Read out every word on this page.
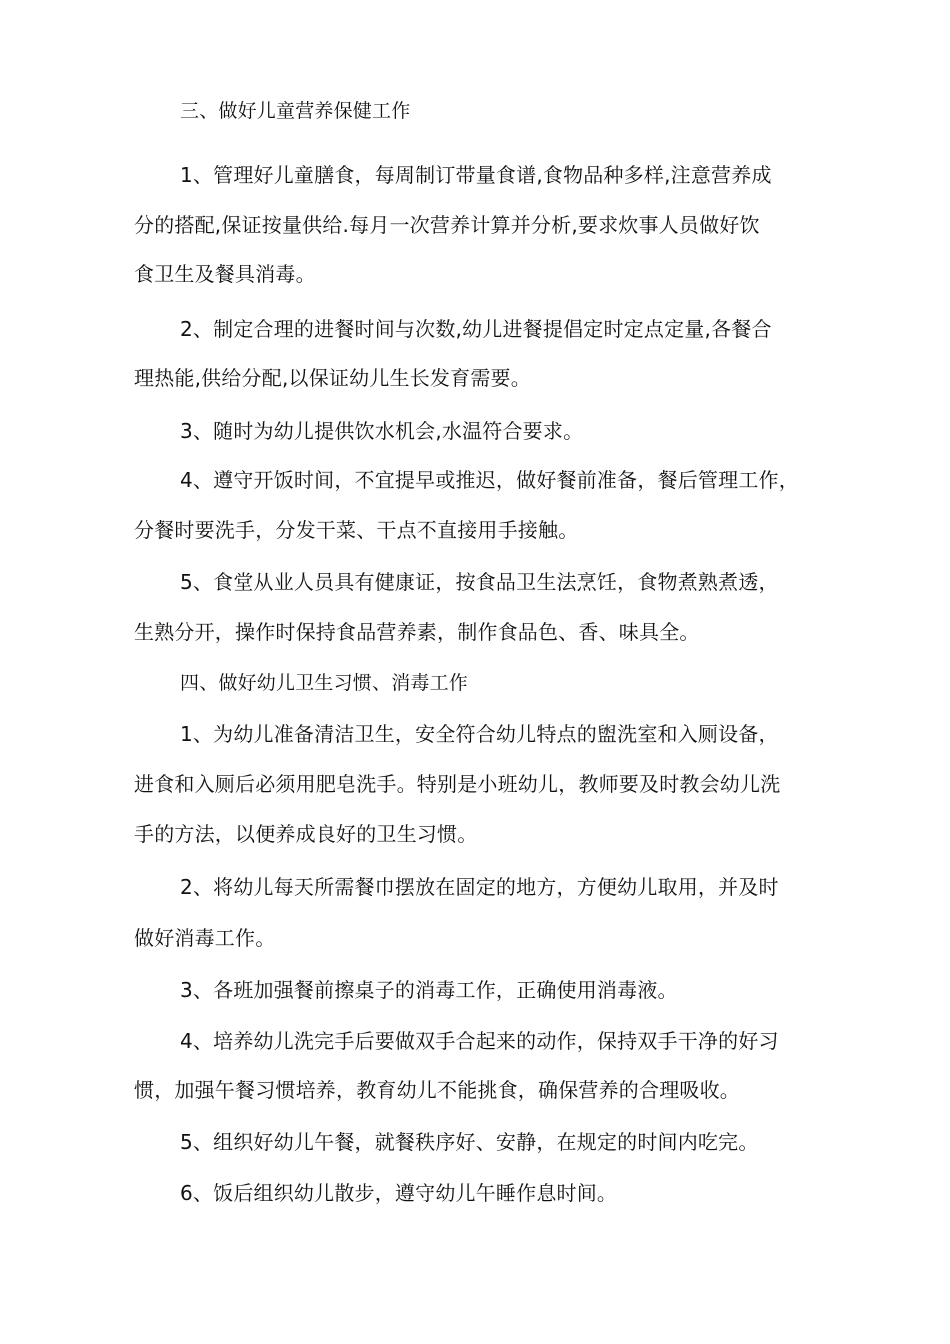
三、做好儿童营养保健工作
1、管理好儿童膳食，每周制订带量食谱,食物品种多样,注意营养成
分的搭配,保证按量供给.每月一次营养计算并分析,要求炊事人员做好饮
食卫生及餐具消毒。
2、制定合理的进餐时间与次数,幼儿进餐提倡定时定点定量,各餐合
理热能,供给分配,以保证幼儿生长发育需要。
3、随时为幼儿提供饮水机会,水温符合要求。
4、遵守开饭时间，不宜提早或推迟，做好餐前准备，餐后管理工作，
分餐时要洗手，分发干菜、干点不直接用手接触。
5、食堂从业人员具有健康证，按食品卫生法烹饪，食物煮熟煮透，
生熟分开，操作时保持食品营养素，制作食品色、香、味具全。
四、做好幼儿卫生习惯、消毒工作
1、为幼儿准备清洁卫生，安全符合幼儿特点的盥洗室和入厕设备，
进食和入厕后必须用肥皂洗手。特别是小班幼儿，教师要及时教会幼儿洗
手的方法，以便养成良好的卫生习惯。
2、将幼儿每天所需餐巾摆放在固定的地方，方便幼儿取用，并及时
做好消毒工作。
3、各班加强餐前擦桌子的消毒工作，正确使用消毒液。
4、培养幼儿洗完手后要做双手合起来的动作，保持双手干净的好习
惯，加强午餐习惯培养，教育幼儿不能挑食，确保营养的合理吸收。
5、组织好幼儿午餐，就餐秩序好、安静，在规定的时间内吃完。
6、饭后组织幼儿散步，遵守幼儿午睡作息时间。
